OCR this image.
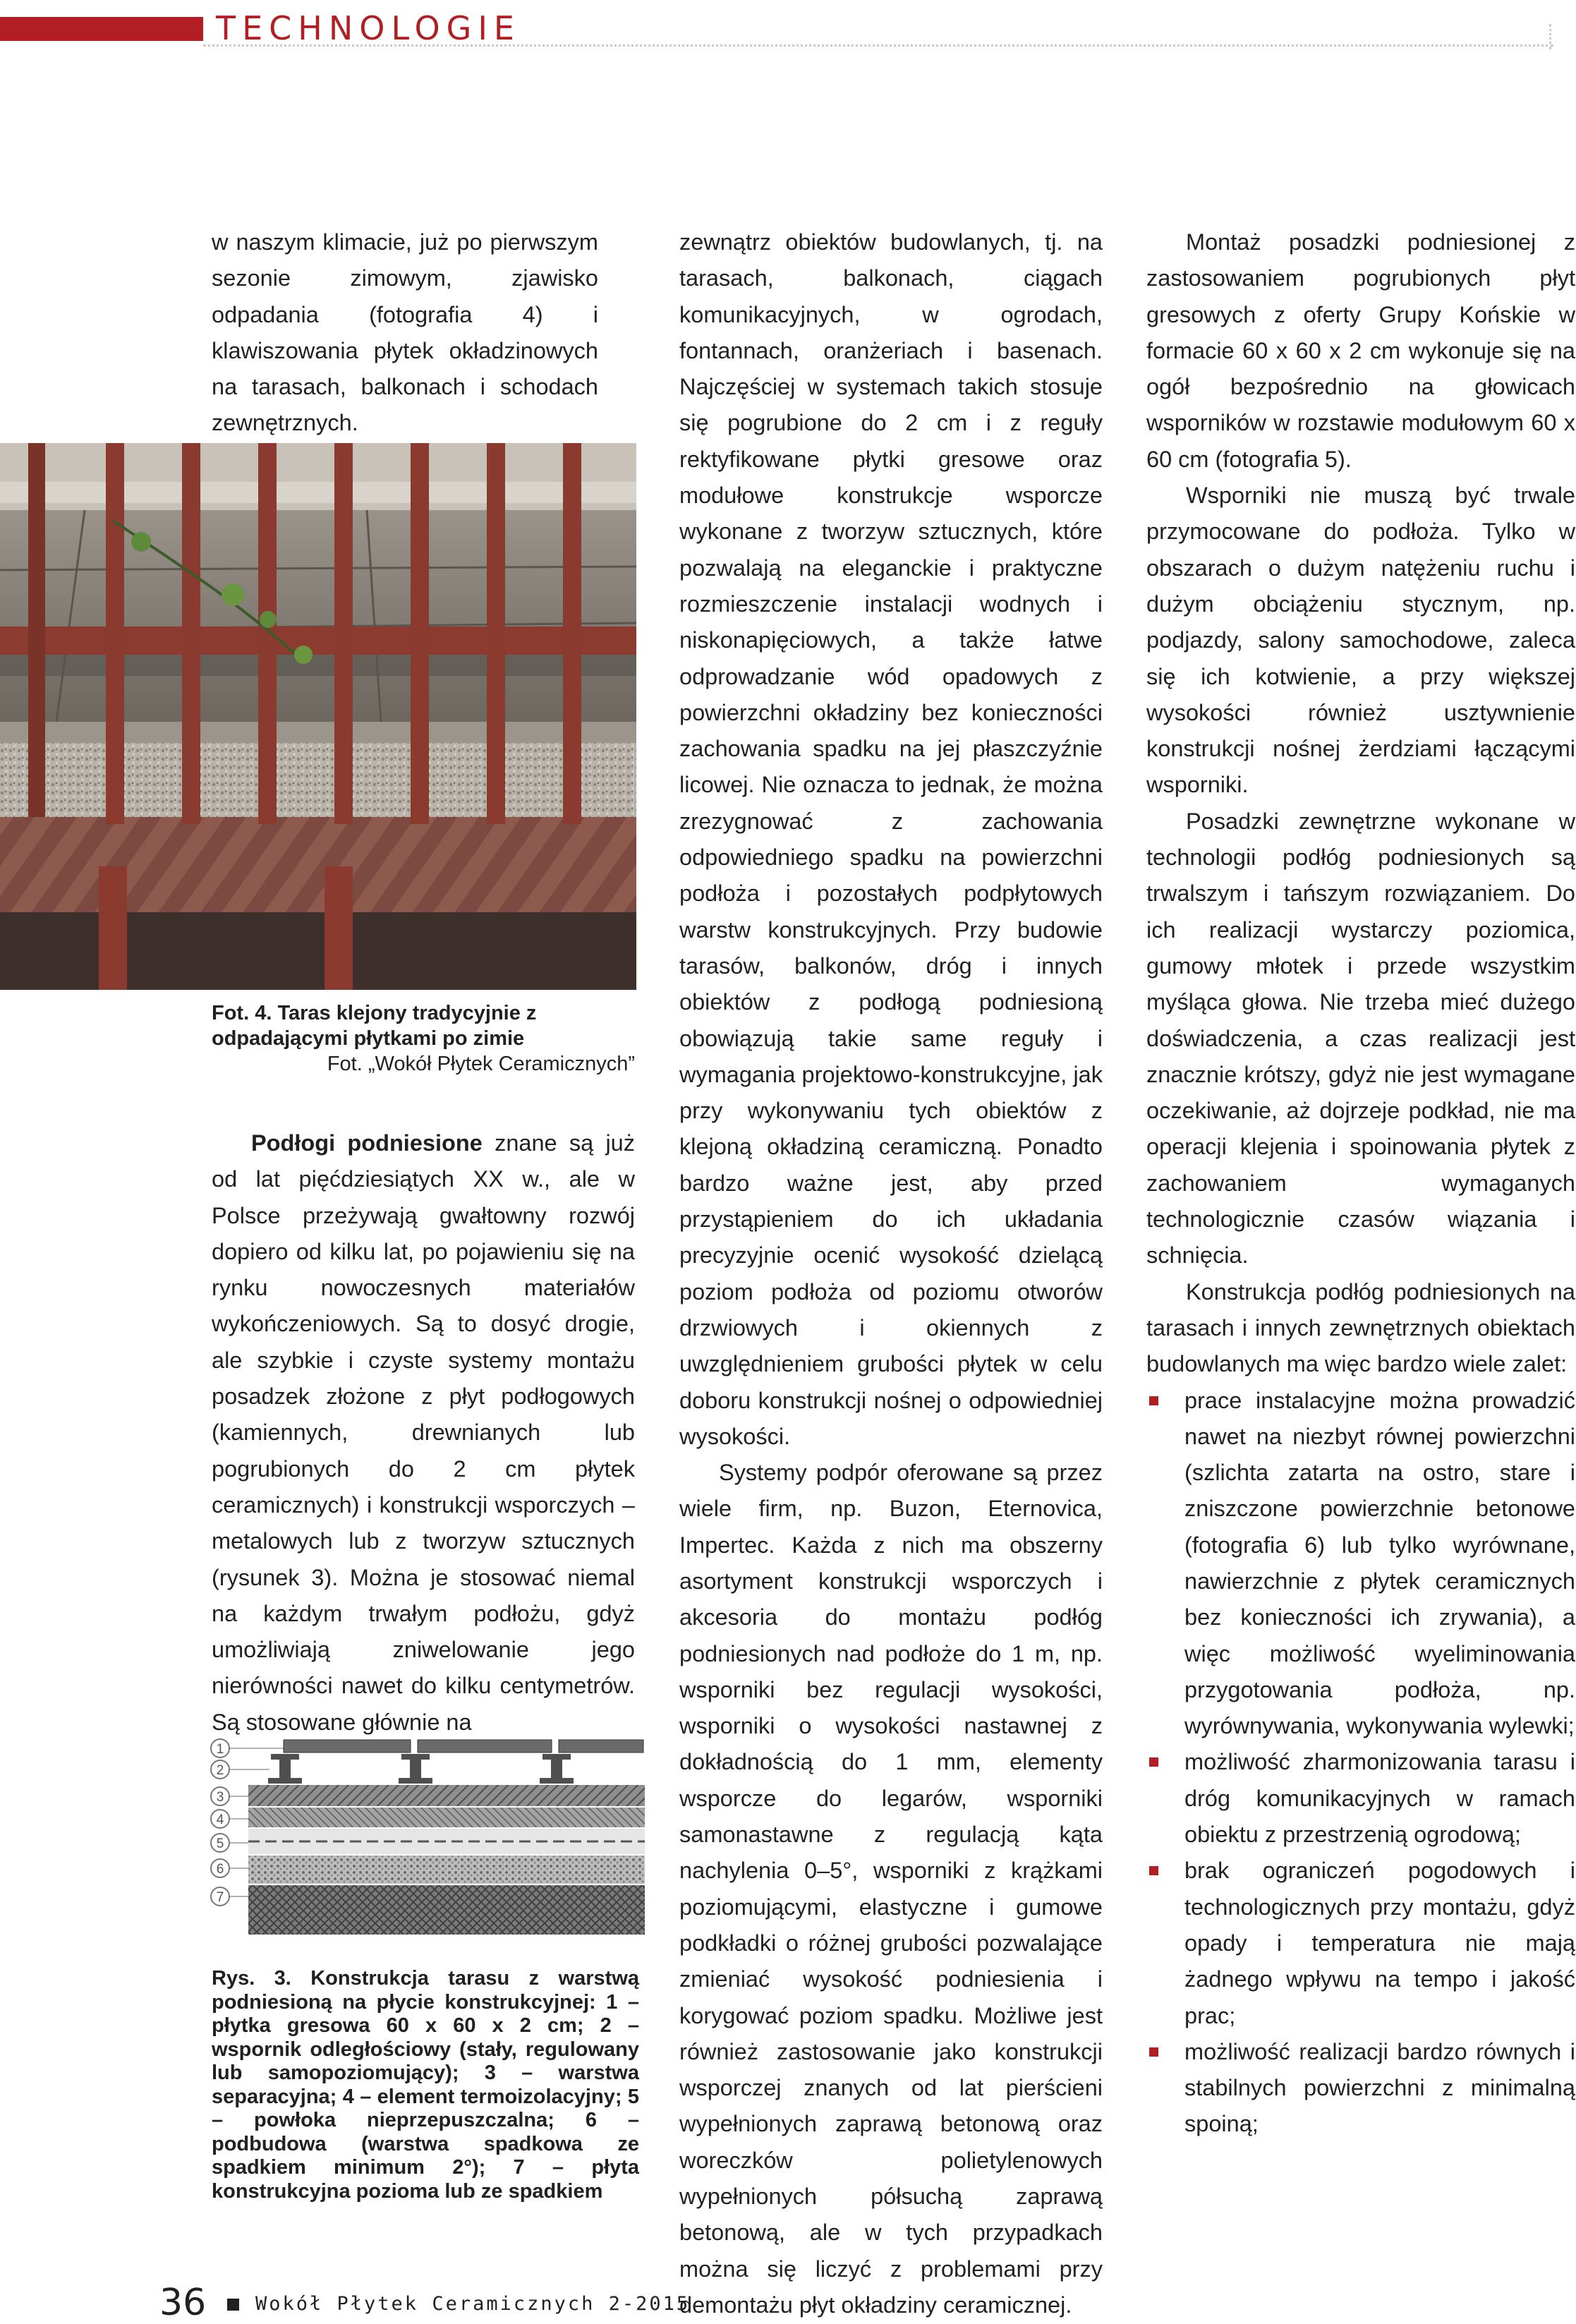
TECHNOLOGIE

w naszym klimacie, już po pierwszym sezonie zimowym, zjawisko odpadania (fotografia 4) i klawiszowania płytek okładzinowych na tarasach, balkonach i schodach zewnętrznych.

Fot. 4. Taras klejony tradycyjnie z odpadającymi płytkami po zimie
Fot. „Wokół Płytek Ceramicznych”

Podłogi podniesione znane są już od lat pięćdziesiątych XX w., ale w Polsce przeżywają gwałtowny rozwój dopiero od kilku lat, po pojawieniu się na rynku nowoczesnych materiałów wykończeniowych. Są to dosyć drogie, ale szybkie i czyste systemy montażu posadzek złożone z płyt podłogowych (kamiennych, drewnianych lub pogrubionych do 2 cm płytek ceramicznych) i konstrukcji wsporczych – metalowych lub z tworzyw sztucznych (rysunek 3). Można je stosować niemal na każdym trwałym podłożu, gdyż umożliwiają zniwelowanie jego nierówności nawet do kilku centymetrów. Są stosowane głównie na

1
2
3
4
5
6
7
Rys. 3. Konstrukcja tarasu z warstwą podniesioną na płycie konstrukcyjnej: 1 – płytka gresowa 60 x 60 x 2 cm; 2 – wspornik odległościowy (stały, regulowany lub samopoziomujący); 3 – warstwa separacyjna; 4 – element termoizolacyjny; 5 – powłoka nieprzepuszczalna; 6 – podbudowa (warstwa spadkowa ze spadkiem minimum 2°); 7 – płyta konstrukcyjna pozioma lub ze spadkiem

zewnątrz obiektów budowlanych, tj. na tarasach, balkonach, ciągach komunikacyjnych, w ogrodach, fontannach, oranżeriach i basenach. Najczęściej w systemach takich stosuje się pogrubione do 2 cm i z reguły rektyfikowane płytki gresowe oraz modułowe konstrukcje wsporcze wykonane z tworzyw sztucznych, które pozwalają na eleganckie i praktyczne rozmieszczenie instalacji wodnych i niskonapięciowych, a także łatwe odprowadzanie wód opadowych z powierzchni okładziny bez konieczności zachowania spadku na jej płaszczyźnie licowej. Nie oznacza to jednak, że można zrezygnować z zachowania odpowiedniego spadku na powierzchni podłoża i pozostałych podpłytowych warstw konstrukcyjnych. Przy budowie tarasów, balkonów, dróg i innych obiektów z podłogą podniesioną obowiązują takie same reguły i wymagania projektowo-konstrukcyjne, jak przy wykonywaniu tych obiektów z klejoną okładziną ceramiczną. Ponadto bardzo ważne jest, aby przed przystąpieniem do ich układania precyzyjnie ocenić wysokość dzielącą poziom podłoża od poziomu otworów drzwiowych i okiennych z uwzględnieniem grubości płytek w celu doboru konstrukcji nośnej o odpowiedniej wysokości.

Systemy podpór oferowane są przez wiele firm, np. Buzon, Eternovica, Impertec. Każda z nich ma obszerny asortyment konstrukcji wsporczych i akcesoria do montażu podłóg podniesionych nad podłoże do 1 m, np. wsporniki bez regulacji wysokości, wsporniki o wysokości nastawnej z dokładnością do 1 mm, elementy wsporcze do legarów, wsporniki samonastawne z regulacją kąta nachylenia 0–5°, wsporniki z krążkami poziomującymi, elastyczne i gumowe podkładki o różnej grubości pozwalające zmieniać wysokość podniesienia i korygować poziom spadku. Możliwe jest również zastosowanie jako konstrukcji wsporczej znanych od lat pierścieni wypełnionych zaprawą betonową oraz woreczków polietylenowych wypełnionych półsuchą zaprawą betonową, ale w tych przypadkach można się liczyć z problemami przy demontażu płyt okładziny ceramicznej.

Montaż posadzki podniesionej z zastosowaniem pogrubionych płyt gresowych z oferty Grupy Końskie w formacie 60 x 60 x 2 cm wykonuje się na ogół bezpośrednio na głowicach wsporników w rozstawie modułowym 60 x 60 cm (fotografia 5).

Wsporniki nie muszą być trwale przymocowane do podłoża. Tylko w obszarach o dużym natężeniu ruchu i dużym obciążeniu stycznym, np. podjazdy, salony samochodowe, zaleca się ich kotwienie, a przy większej wysokości również usztywnienie konstrukcji nośnej żerdziami łączącymi wsporniki.

Posadzki zewnętrzne wykonane w technologii podłóg podniesionych są trwalszym i tańszym rozwiązaniem. Do ich realizacji wystarczy poziomica, gumowy młotek i przede wszystkim myśląca głowa. Nie trzeba mieć dużego doświadczenia, a czas realizacji jest znacznie krótszy, gdyż nie jest wymagane oczekiwanie, aż dojrzeje podkład, nie ma operacji klejenia i spoinowania płytek z zachowaniem wymaganych technologicznie czasów wiązania i schnięcia.

Konstrukcja podłóg podniesionych na tarasach i innych zewnętrznych obiektach budowlanych ma więc bardzo wiele zalet:

prace instalacyjne można prowadzić nawet na niezbyt równej powierzchni (szlichta zatarta na ostro, stare i zniszczone powierzchnie betonowe (fotografia 6) lub tylko wyrównane, nawierzchnie z płytek ceramicznych bez konieczności ich zrywania), a więc możliwość wyeliminowania przygotowania podłoża, np. wyrównywania, wykonywania wylewki;
możliwość zharmonizowania tarasu i dróg komunikacyjnych w ramach obiektu z przestrzenią ogrodową;
brak ograniczeń pogodowych i technologicznych przy montażu, gdyż opady i temperatura nie mają żadnego wpływu na tempo i jakość prac;
możliwość realizacji bardzo równych i stabilnych powierzchni z minimalną spoiną;
36	Wokół Płytek Ceramicznych 2-2015
